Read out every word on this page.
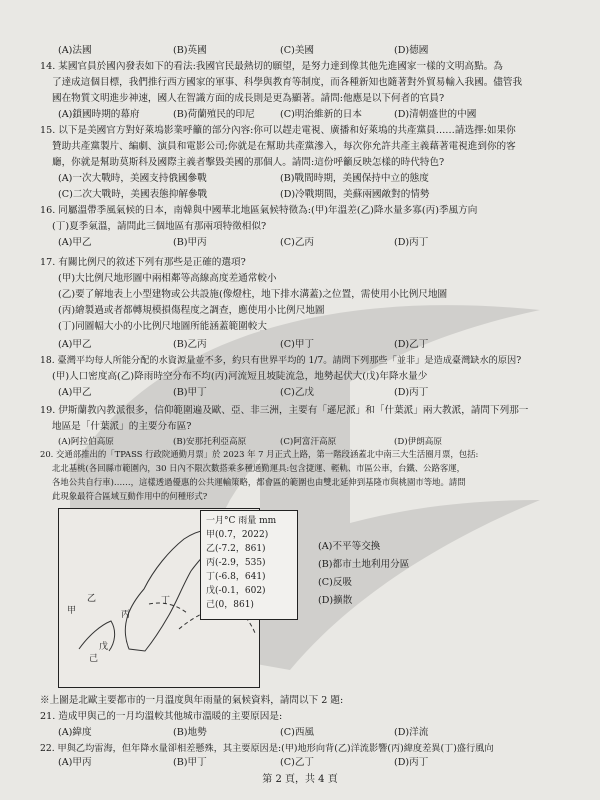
(A)法國	(B)英國	(C)美國	(D)德國
14. 某國官員於國內發表如下的看法:我國官民最熱切的願望，是努力達到像其他先進國家一樣的文明高點。為
了達成這個目標，我們推行西方國家的軍事、科學與教育等制度，而各種新知也隨著對外貿易輸入我國。儘管我
國在物質文明進步神速，國人在智識方面的成長則是更為顯著。請問:他應是以下何者的官員?
(A)鎖國時期的幕府	(B)荷蘭殖民的印尼	(C)明治維新的日本	(D)清朝盛世的中國
15. 以下是美國官方對好萊塢影業呼籲的部分內容:你可以趕走電視、廣播和好萊塢的共產黨員……請选擇:如果你
贊助共產黨製片、編劇、演員和電影公司;你就是在幫助共產黨滲入，每次你允許共產主義藉著電視進到你的客
廳，你就是幫助莫斯科及國際主義者擊毀美國的那個人。請問:這份呼籲反映怎樣的時代特色?
(A)一次大戰時，美國支持俄國參戰	(B)戰間時期，美國保持中立的態度
(C)二次大戰時，美國表態抑解參戰	(D)冷戰期間，美蘇兩國敵對的情勢
16. 同屬溫帶季風氣候的日本，南韓與中國華北地區氣候特徵為:(甲)年溫差(乙)降水量多寡(丙)季風方向
(丁)夏季氣溫，請問此三個地區有那兩項特徵相似?
(A)甲乙	(B)甲丙	(C)乙丙	(D)丙丁
17. 有關比例尺的敘述下列有那些是正確的選項?
(甲)大比例尺地形圖中兩相鄰等高線高度差通常較小
(乙)要了解地表上小型建物或公共設施(像燈柱，地下排水溝蓋)之位置，需使用小比例尺地圖
(丙)繪製過或者都轉規模損傷程度之調查，應使用小比例尺地圖
(丁)同圖幅大小的小比例尺地圖所能涵蓋範圍較大
(A)甲乙	(B)乙丙	(C)甲丁	(D)乙丁
18. 臺灣平均每人所能分配的水資源量並不多，約只有世界平均的 1/7。請問下列那些「並非」是造成臺灣缺水的原因?
(甲)人口密度高(乙)降雨時空分布不均(丙)河流短且坡陡流急，地勢起伏大(戊)年降水量少
(A)甲乙	(B)甲丁	(C)乙戊	(D)丙丁
19. 伊斯蘭教內教派很多，信仰範圍遍及歐、亞、非三洲，主要有「遜尼派」和「什葉派」兩大教派，請問下列那一
地區是「什葉派」的主要分布區?
(A)阿拉伯高原	(B)安那托利亞高原	(C)阿富汗高原	(D)伊朗高原
20. 交通部推出的「TPASS 行政院通勤月票」於 2023 年 7 月正式上路，第一階段涵蓋北中南三大生活圈月票，包括:
北北基桃(各回縣市範圍內，30 日內不限次數搭乘多種通勤運具:包含捷運、輕軌、市區公車，台鐵、公路客運，
各地公共自行車)……，這樣透過優惠的公共運輸策略，都會區的範圍也由雙北延伸到基隆市與桃園市等地。請問
此現象最符合區域互動作用中的何種形式?
甲
乙
丙
丁
戊
己
一月°C 雨量 mm
甲(0.7，2022)
乙(-7.2，861)
丙(-2.9，535)
丁(-6.8，641)
戊(-0.1，602)
己(0，861)
※上圖是北歐主要都市的一月溫度與年雨量的氣候資料，請問以下 2 題:
21. 造成甲與己的一月均溫較其他城市溫暖的主要原因是:
(A)緯度	(B)地勢	(C)西風	(D)洋流
22. 甲與乙均雷海，但年降水量卻相差懸殊，其主要原因是:(甲)地形向背(乙)洋流影響(丙)緯度差異(丁)盛行風向
(A)甲丙	(B)甲丁	(C)乙丁	(D)丙丁
(A)不平等交換
(B)都市土地利用分區
(C)反吸
(D)擴散
第 2 頁，共 4 頁
